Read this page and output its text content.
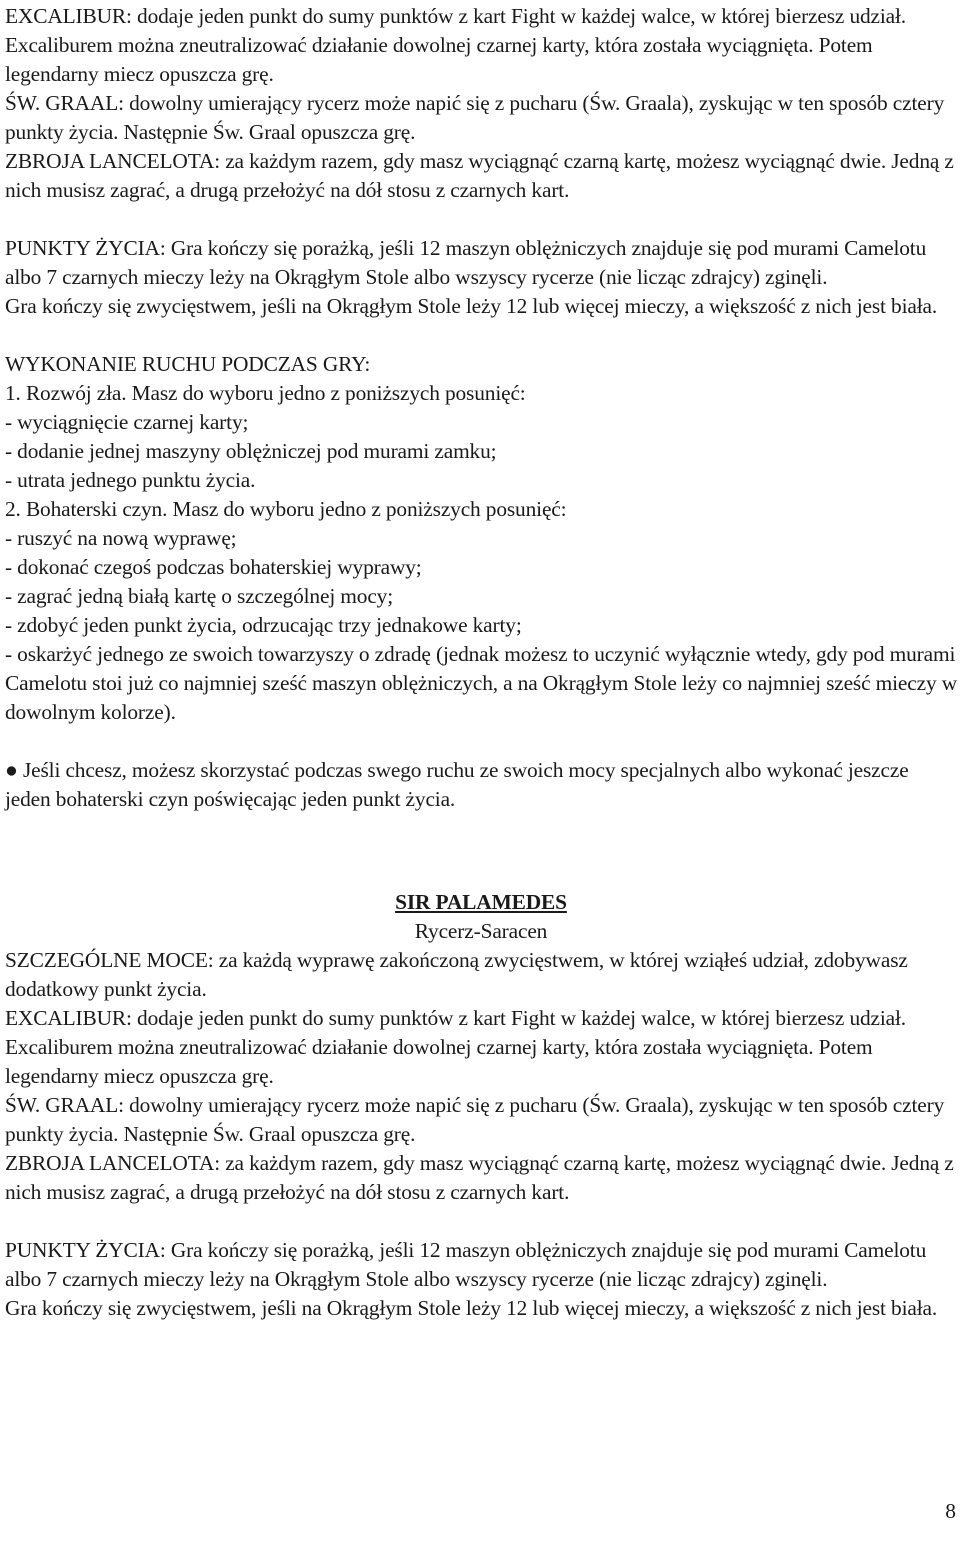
EXCALIBUR: dodaje jeden punkt do sumy punktów z kart Fight w każdej walce, w której bierzesz udział. Excaliburem można zneutralizować działanie dowolnej czarnej karty, która została wyciągnięta. Potem legendarny miecz opuszcza grę.

ŚW. GRAAL: dowolny umierający rycerz może napić się z pucharu (Św. Graala), zyskując w ten sposób cztery punkty życia. Następnie Św. Graal opuszcza grę.

ZBROJA LANCELOTA: za każdym razem, gdy masz wyciągnąć czarną kartę, możesz wyciągnąć dwie. Jedną z nich musisz zagrać, a drugą przełożyć na dół stosu z czarnych kart.

PUNKTY ŻYCIA: Gra kończy się porażką, jeśli 12 maszyn oblężniczych znajduje się pod murami Camelotu albo 7 czarnych mieczy leży na Okrągłym Stole albo wszyscy rycerze (nie licząc zdrajcy) zginęli.

Gra kończy się zwycięstwem, jeśli na Okrągłym Stole leży 12 lub więcej mieczy, a większość z nich jest biała.

WYKONANIE RUCHU PODCZAS GRY:

1. Rozwój zła. Masz do wyboru jedno z poniższych posunięć:

- wyciągnięcie czarnej karty;

- dodanie jednej maszyny oblężniczej pod murami zamku;

- utrata jednego punktu życia.

2. Bohaterski czyn. Masz do wyboru jedno z poniższych posunięć:

- ruszyć na nową wyprawę;

- dokonać czegoś podczas bohaterskiej wyprawy;

- zagrać jedną białą kartę o szczególnej mocy;

- zdobyć jeden punkt życia, odrzucając trzy jednakowe karty;

- oskarżyć jednego ze swoich towarzyszy o zdradę (jednak możesz to uczynić wyłącznie wtedy, gdy pod murami Camelotu stoi już co najmniej sześć maszyn oblężniczych, a na Okrągłym Stole leży co najmniej sześć mieczy w dowolnym kolorze).

● Jeśli chcesz, możesz skorzystać podczas swego ruchu ze swoich mocy specjalnych albo wykonać jeszcze jeden bohaterski czyn poświęcając jeden punkt życia.

SIR PALAMEDES

Rycerz-Saracen

SZCZEGÓLNE MOCE: za każdą wyprawę zakończoną zwycięstwem, w której wziąłeś udział, zdobywasz dodatkowy punkt życia.

EXCALIBUR: dodaje jeden punkt do sumy punktów z kart Fight w każdej walce, w której bierzesz udział. Excaliburem można zneutralizować działanie dowolnej czarnej karty, która została wyciągnięta. Potem legendarny miecz opuszcza grę.

ŚW. GRAAL: dowolny umierający rycerz może napić się z pucharu (Św. Graala), zyskując w ten sposób cztery punkty życia. Następnie Św. Graal opuszcza grę.

ZBROJA LANCELOTA: za każdym razem, gdy masz wyciągnąć czarną kartę, możesz wyciągnąć dwie. Jedną z nich musisz zagrać, a drugą przełożyć na dół stosu z czarnych kart.

PUNKTY ŻYCIA: Gra kończy się porażką, jeśli 12 maszyn oblężniczych znajduje się pod murami Camelotu albo 7 czarnych mieczy leży na Okrągłym Stole albo wszyscy rycerze (nie licząc zdrajcy) zginęli.

Gra kończy się zwycięstwem, jeśli na Okrągłym Stole leży 12 lub więcej mieczy, a większość z nich jest biała.

8
